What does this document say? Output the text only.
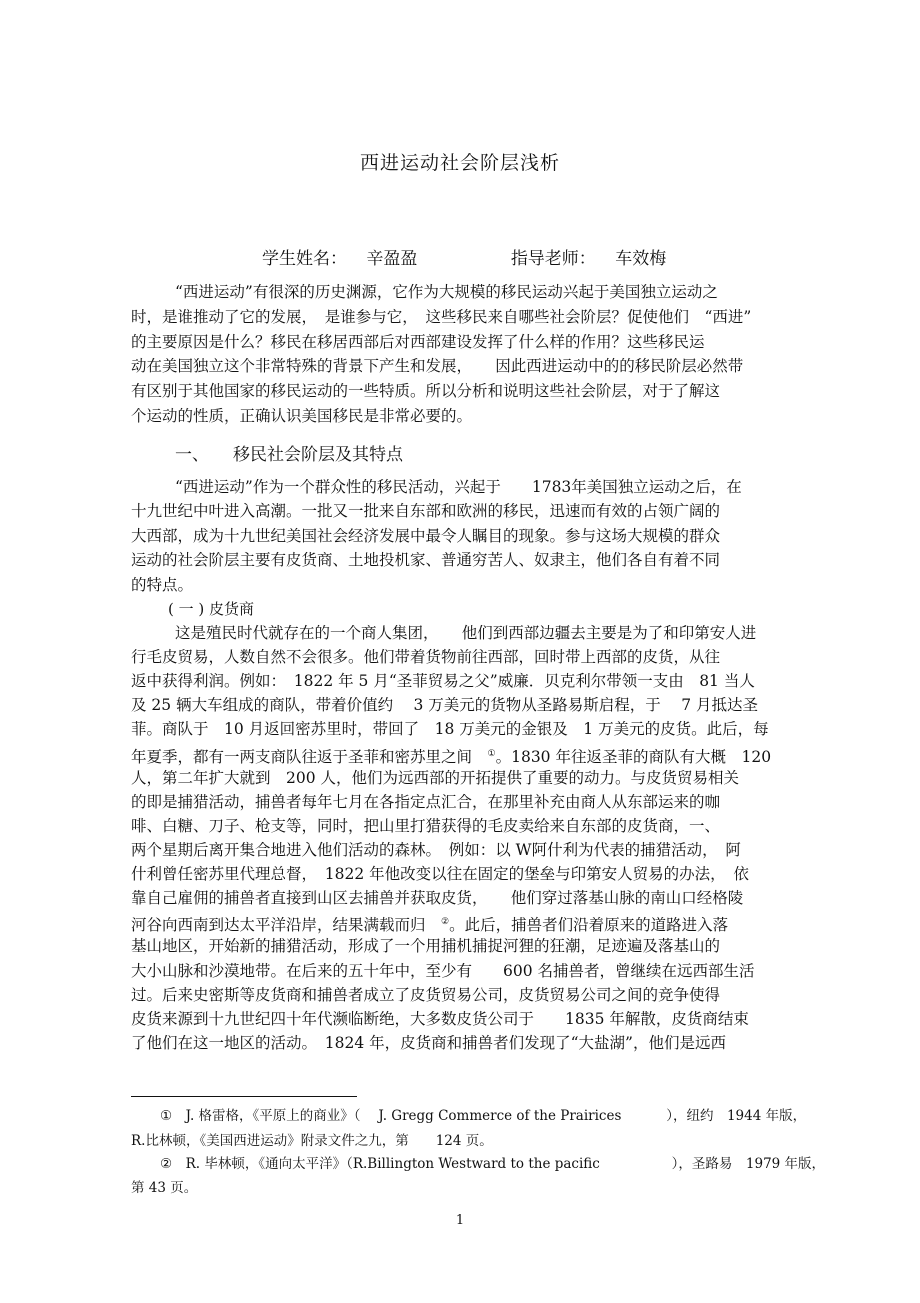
西进运动社会阶层浅析
学生姓名： 辛盈盈	指导老师： 车效梅
“西进运动”有很深的历史渊源，它作为大规模的移民运动兴起于美国独立运动之
时，是谁推动了它的发展，　是谁参与它，　这些移民来自哪些社会阶层？促使他们　“西进”
的主要原因是什么？移民在移居西部后对西部建设发挥了什么样的作用？这些移民运
动在美国独立这个非常特殊的背景下产生和发展，　　因此西进运动中的的移民阶层必然带
有区别于其他国家的移民运动的一些特质。所以分析和说明这些社会阶层，对于了解这
个运动的性质，正确认识美国移民是非常必要的。
一、 移民社会阶层及其特点
“西进运动”作为一个群众性的移民活动，兴起于　　1783年美国独立运动之后，在
十九世纪中叶进入高潮。一批又一批来自东部和欧洲的移民，迅速而有效的占领广阔的
大西部，成为十九世纪美国社会经济发展中最令人瞩目的现象。参与这场大规模的群众
运动的社会阶层主要有皮货商、土地投机家、普通穷苦人、奴隶主，他们各自有着不同
的特点。
( 一 ) 皮货商
这是殖民时代就存在的一个商人集团，　　他们到西部边疆去主要是为了和印第安人进
行毛皮贸易，人数自然不会很多。他们带着货物前往西部，回时带上西部的皮货，从往
返中获得利润。例如：　1822 年 5 月“圣菲贸易之父”威廉．贝克利尔带领一支由　81 当人
及 25 辆大车组成的商队，带着价值约　 3 万美元的货物从圣路易斯启程，于　 7 月抵达圣
菲。商队于　10 月返回密苏里时，带回了　18 万美元的金银及　1 万美元的皮货。此后，每
年夏季，都有一两支商队往返于圣菲和密苏里之间　①。1830 年往返圣菲的商队有大概　120
人，第二年扩大就到　200 人，他们为远西部的开拓提供了重要的动力。与皮货贸易相关
的即是捕猎活动，捕兽者每年七月在各指定点汇合，在那里补充由商人从东部运来的咖
啡、白糖、刀子、枪支等，同时，把山里打猎获得的毛皮卖给来自东部的皮货商，一、
两个星期后离开集合地进入他们活动的森林。　例如：以 W阿什利为代表的捕猎活动，　阿
什利曾任密苏里代理总督，　1822 年他改变以往在固定的堡垒与印第安人贸易的办法，　依
靠自己雇佣的捕兽者直接到山区去捕兽并获取皮货，　　他们穿过落基山脉的南山口经格陵
河谷向西南到达太平洋沿岸，结果满载而归　②。此后，捕兽者们沿着原来的道路进入落
基山地区，开始新的捕猎活动，形成了一个用捕机捕捉河狸的狂潮，足迹遍及落基山的
大小山脉和沙漠地带。在后来的五十年中，至少有　　600 名捕兽者，曾继续在远西部生活
过。后来史密斯等皮货商和捕兽者成立了皮货贸易公司，皮货贸易公司之间的竞争使得
皮货来源到十九世纪四十年代濒临断绝，大多数皮货公司于　　1835 年解散，皮货商结束
了他们在这一地区的活动。　1824 年，皮货商和捕兽者们发现了“大盐湖”，他们是远西
①　J. 格雷格，《平原上的商业》（　 J. Gregg Commerce of the Prairices　　　 ），纽约　1944 年版，
R.比林顿，《美国西进运动》附录文件之九，第　　124 页。
②　R. 毕林顿，《通向太平洋》（R.Billington Westward to the pacific　　　　　 ），圣路易　1979 年版，
第 43 页。
1
